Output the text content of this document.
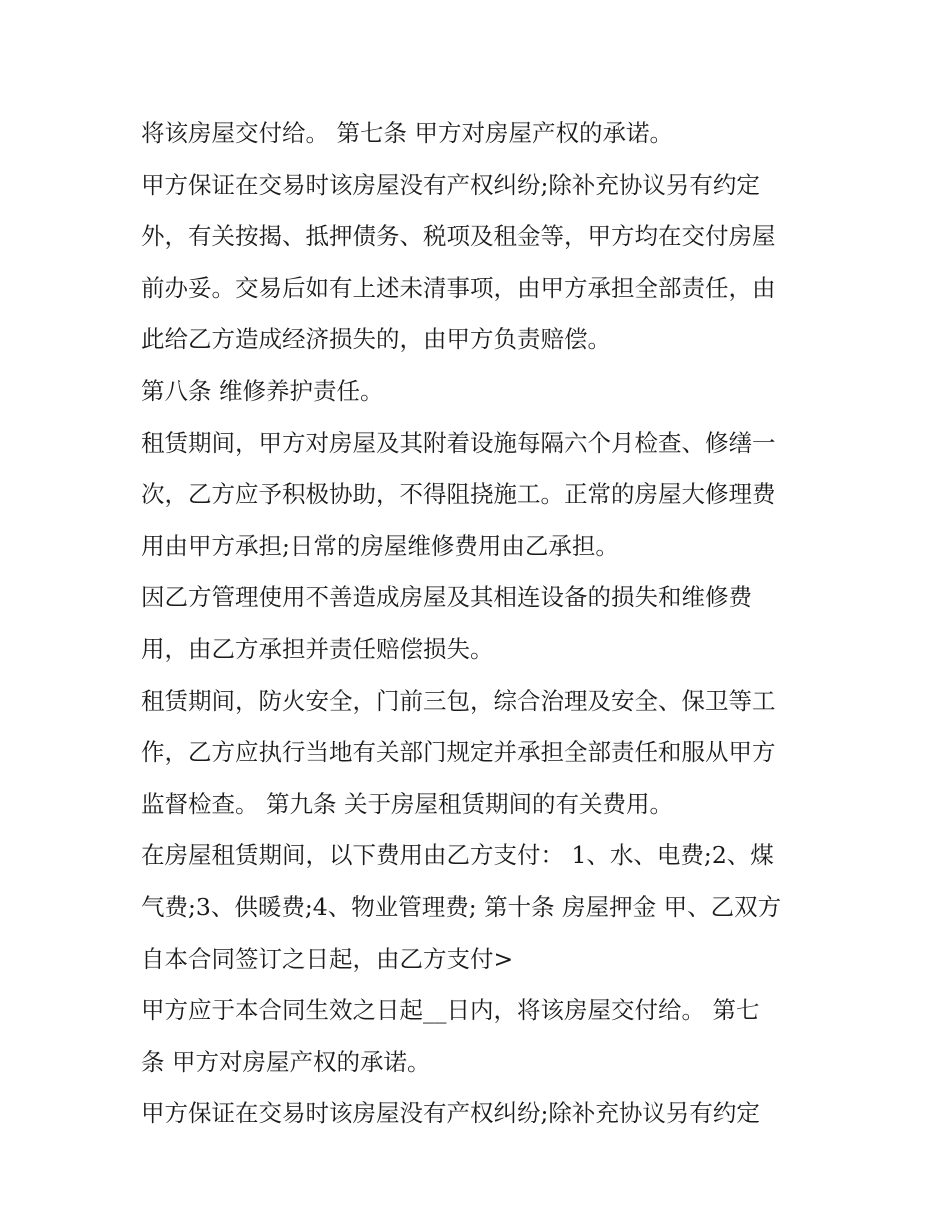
将该房屋交付给。 第七条 甲方对房屋产权的承诺。
甲方保证在交易时该房屋没有产权纠纷;除补充协议另有约定
外，有关按揭、抵押债务、税项及租金等，甲方均在交付房屋
前办妥。交易后如有上述未清事项，由甲方承担全部责任，由
此给乙方造成经济损失的，由甲方负责赔偿。
第八条 维修养护责任。
租赁期间，甲方对房屋及其附着设施每隔六个月检查、修缮一
次，乙方应予积极协助，不得阻挠施工。正常的房屋大修理费
用由甲方承担;日常的房屋维修费用由乙承担。
因乙方管理使用不善造成房屋及其相连设备的损失和维修费
用，由乙方承担并责任赔偿损失。
租赁期间，防火安全，门前三包，综合治理及安全、保卫等工
作，乙方应执行当地有关部门规定并承担全部责任和服从甲方
监督检查。 第九条 关于房屋租赁期间的有关费用。
在房屋租赁期间，以下费用由乙方支付： 1、水、电费;2、煤
气费;3、供暖费;4、物业管理费; 第十条 房屋押金 甲、乙双方
自本合同签订之日起，由乙方支付>
甲方应于本合同生效之日起__日内，将该房屋交付给。 第七
条 甲方对房屋产权的承诺。
甲方保证在交易时该房屋没有产权纠纷;除补充协议另有约定
